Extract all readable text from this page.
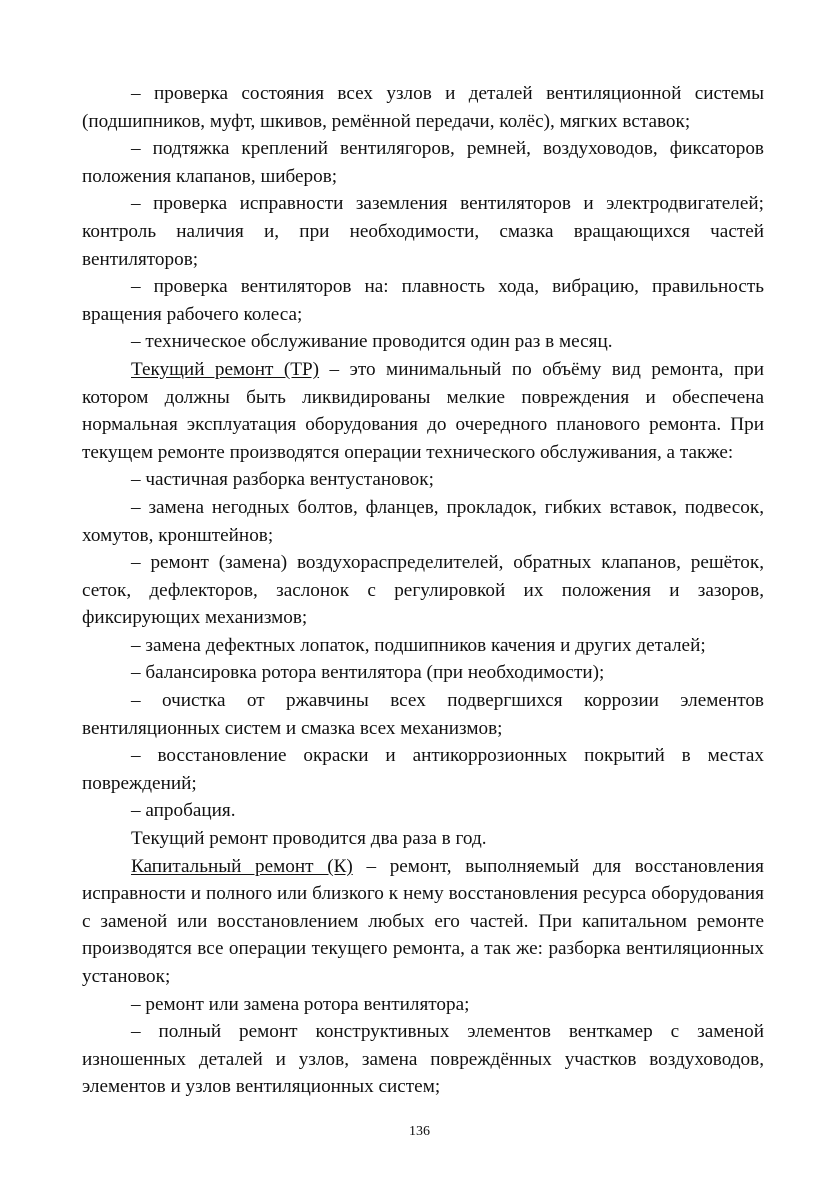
– проверка состояния всех узлов и деталей вентиляционной системы (подшипников, муфт, шкивов, ремённой передачи, колёс), мягких вставок;

– подтяжка креплений вентилягоров, ремней, воздуховодов, фиксаторов положения клапанов, шиберов;

– проверка исправности заземления вентиляторов и электродвигателей; контроль наличия и, при необходимости, смазка вращающихся частей вентиляторов;

– проверка вентиляторов на: плавность хода, вибрацию, правильность вращения рабочего колеса;

– техническое обслуживание проводится один раз в месяц.

Текущий ремонт (ТР) – это минимальный по объёму вид ремонта, при котором должны быть ликвидированы мелкие повреждения и обеспечена нормальная эксплуатация оборудования до очередного планового ремонта. При текущем ремонте производятся операции технического обслуживания, а также:

– частичная разборка вентустановок;

– замена негодных болтов, фланцев, прокладок, гибких вставок, подвесок, хомутов, кронштейнов;

– ремонт (замена) воздухораспределителей, обратных клапанов, решёток, сеток, дефлекторов, заслонок с регулировкой их положения и зазоров, фиксирующих механизмов;

– замена дефектных лопаток, подшипников качения и других деталей;

– балансировка ротора вентилятора (при необходимости);

– очистка от ржавчины всех подвергшихся коррозии элементов вентиляционных систем и смазка всех механизмов;

– восстановление окраски и антикоррозионных покрытий в местах повреждений;

– апробация.

Текущий ремонт проводится два раза в год.

Капитальный ремонт (К) – ремонт, выполняемый для восстановления исправности и полного или близкого к нему восстановления ресурса оборудования с заменой или восстановлением любых его частей. При капитальном ремонте производятся все операции текущего ремонта, а так же: разборка вентиляционных установок;

– ремонт или замена ротора вентилятора;

– полный ремонт конструктивных элементов венткамер с заменой изношенных деталей и узлов, замена повреждённых участков воздуховодов, элементов и узлов вентиляционных систем;

136
